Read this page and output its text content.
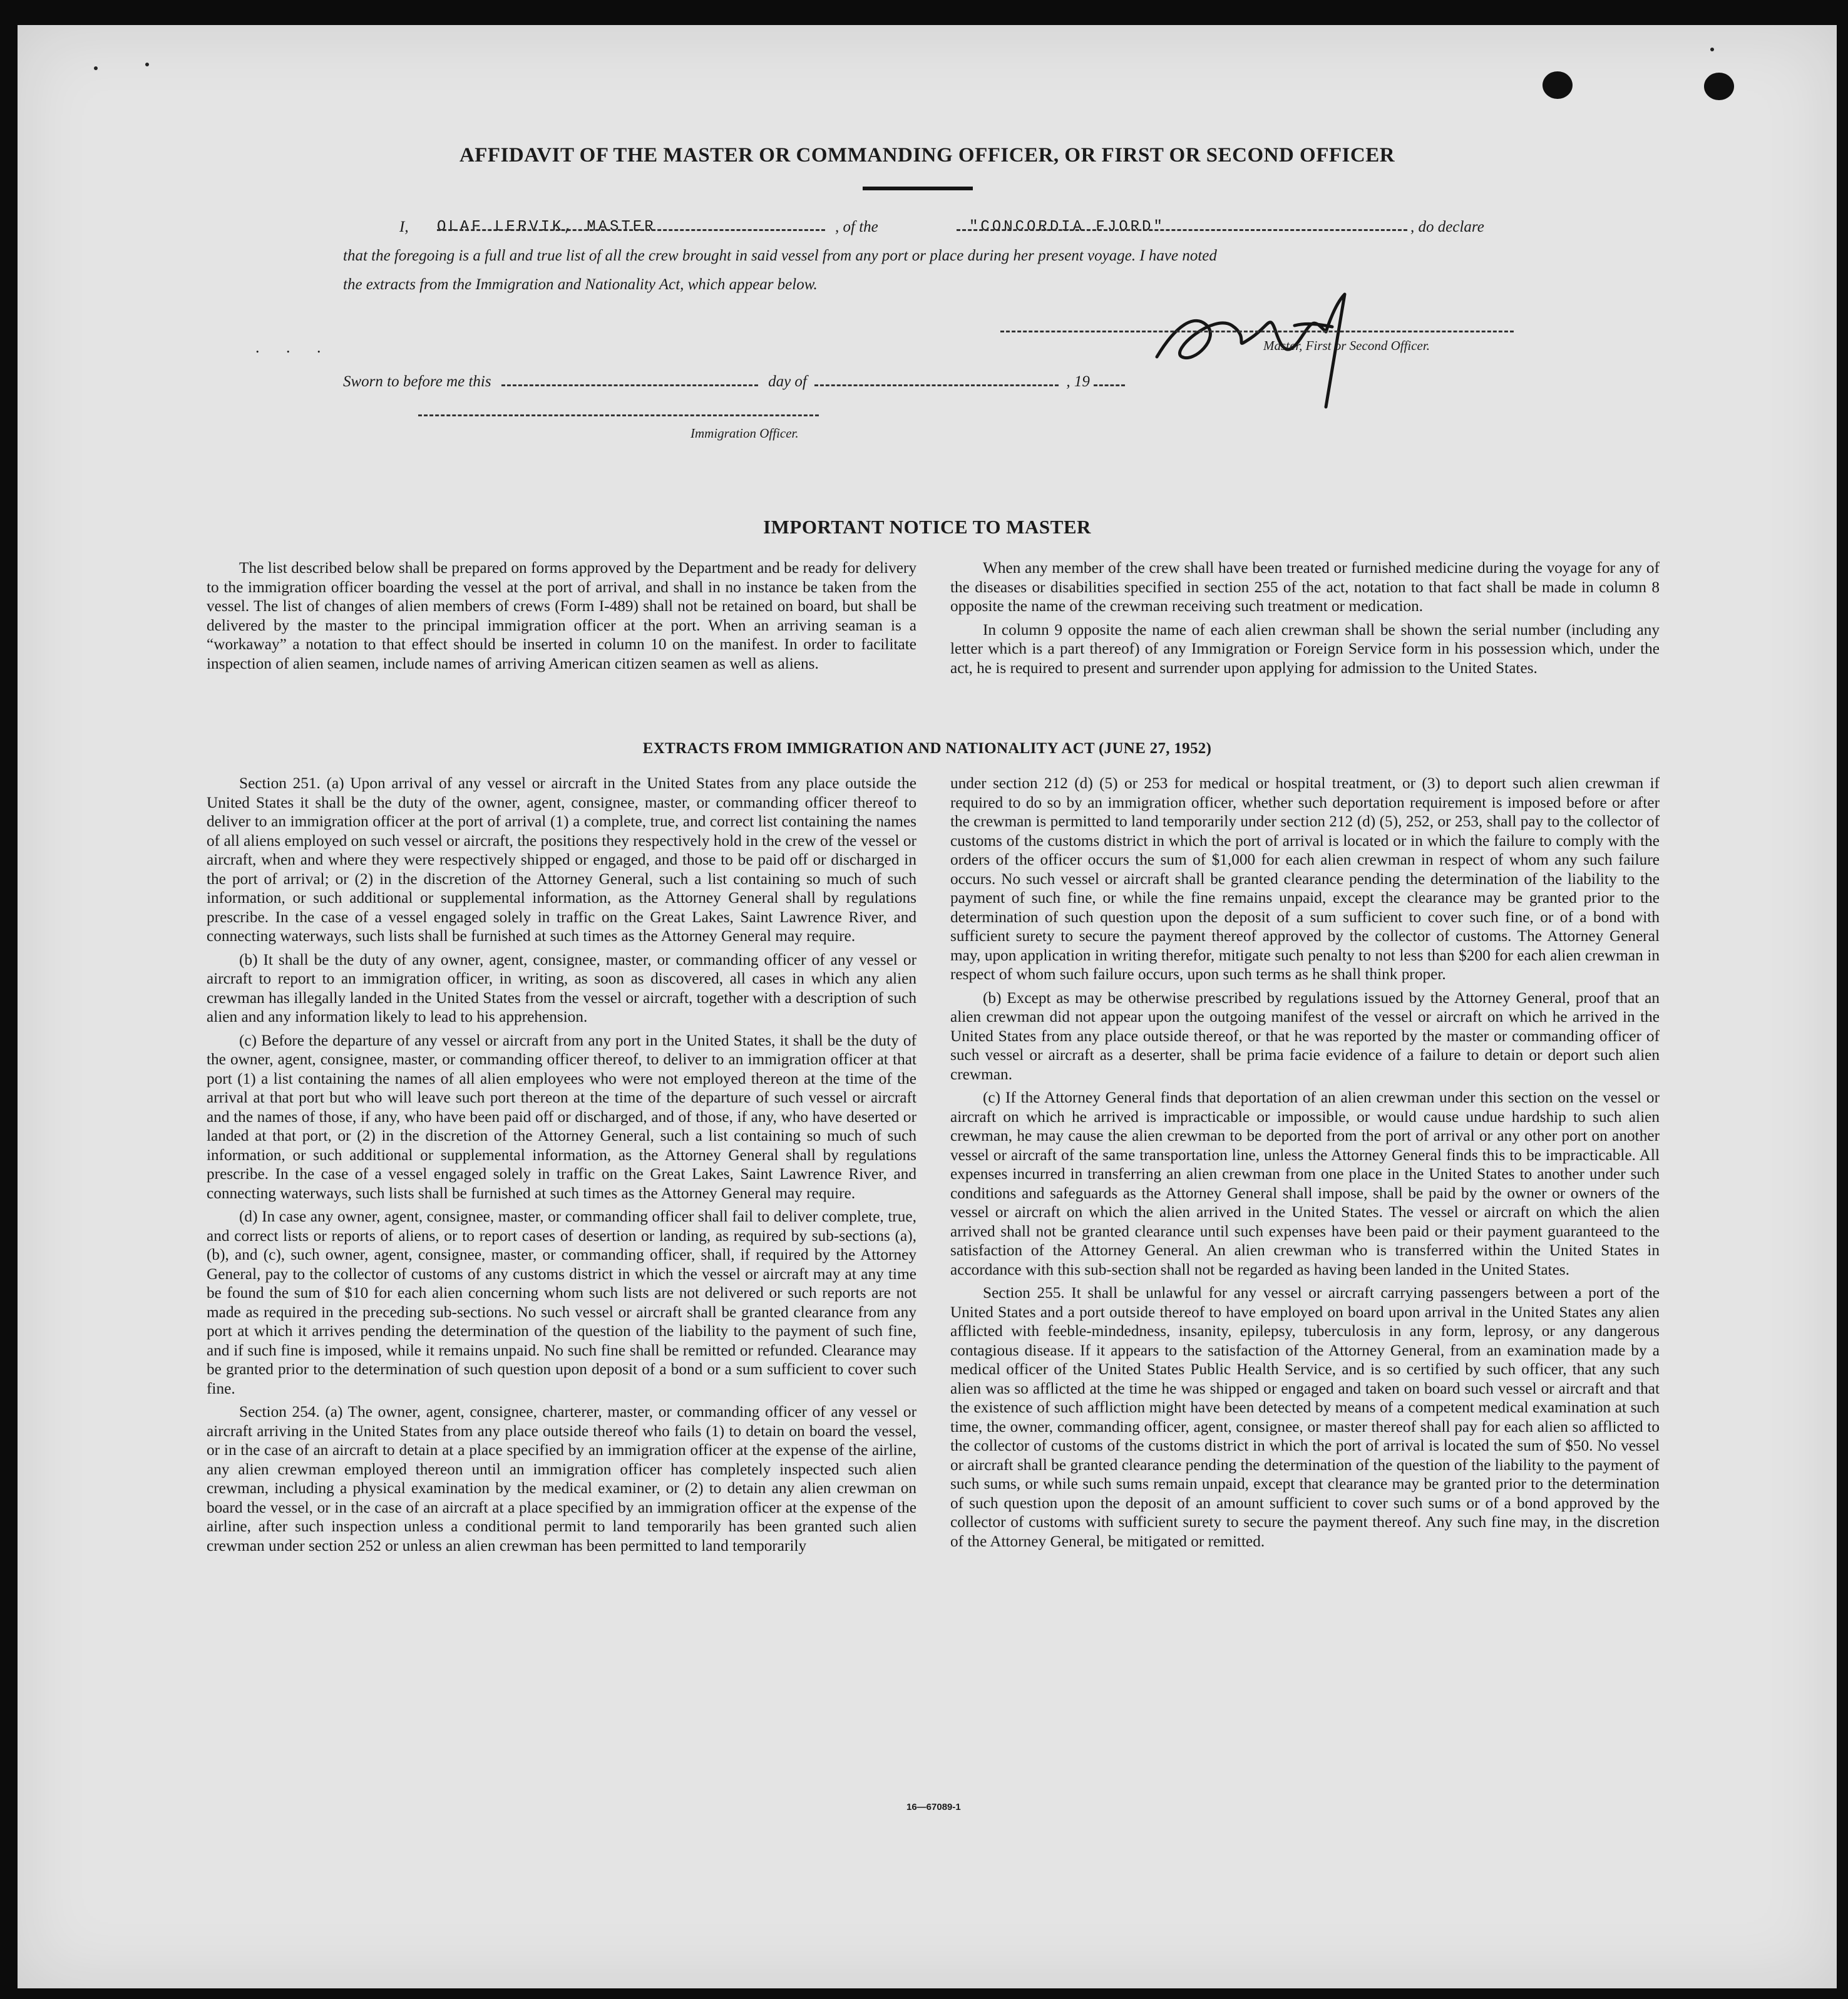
AFFIDAVIT OF THE MASTER OR COMMANDING OFFICER, OR FIRST OR SECOND OFFICER
I, OLAF LERVIK, MASTER	, of the	"CONCORDIA FJORD"	, do declare
that the foregoing is a full and true list of all the crew brought in said vessel from any port or place during her present voyage. I have noted
the extracts from the Immigration and Nationality Act, which appear below.
. . .	Master, First or Second Officer.
Sworn to before me this	day of	, 19
Immigration Officer.
IMPORTANT NOTICE TO MASTER

The list described below shall be prepared on forms approved by the Department and be ready for delivery to the immigration officer boarding the vessel at the port of arrival, and shall in no instance be taken from the vessel. The list of changes of alien members of crews (Form I-489) shall not be retained on board, but shall be delivered by the master to the principal immigration officer at the port. When an arriving seaman is a “workaway” a notation to that effect should be inserted in column 10 on the manifest. In order to facilitate inspection of alien seamen, include names of arriving American citizen seamen as well as aliens.

When any member of the crew shall have been treated or furnished medicine during the voyage for any of the diseases or disabilities specified in section 255 of the act, notation to that fact shall be made in column 8 opposite the name of the crewman receiving such treatment or medication.

In column 9 opposite the name of each alien crewman shall be shown the serial number (including any letter which is a part thereof) of any Immigration or Foreign Service form in his possession which, under the act, he is required to present and surrender upon applying for admission to the United States.

EXTRACTS FROM IMMIGRATION AND NATIONALITY ACT (JUNE 27, 1952)

Section 251. (a) Upon arrival of any vessel or aircraft in the United States from any place outside the United States it shall be the duty of the owner, agent, consignee, master, or commanding officer thereof to deliver to an immigration officer at the port of arrival (1) a complete, true, and correct list containing the names of all aliens employed on such vessel or aircraft, the positions they respectively hold in the crew of the vessel or aircraft, when and where they were respectively shipped or engaged, and those to be paid off or discharged in the port of arrival; or (2) in the discretion of the Attorney General, such a list containing so much of such information, or such additional or supplemental information, as the Attorney General shall by regulations prescribe. In the case of a vessel engaged solely in traffic on the Great Lakes, Saint Lawrence River, and connecting waterways, such lists shall be furnished at such times as the Attorney General may require.

(b) It shall be the duty of any owner, agent, consignee, master, or commanding officer of any vessel or aircraft to report to an immigration officer, in writing, as soon as discovered, all cases in which any alien crewman has illegally landed in the United States from the vessel or aircraft, together with a description of such alien and any information likely to lead to his apprehension.

(c) Before the departure of any vessel or aircraft from any port in the United States, it shall be the duty of the owner, agent, consignee, master, or commanding officer thereof, to deliver to an immigration officer at that port (1) a list containing the names of all alien employees who were not employed thereon at the time of the arrival at that port but who will leave such port thereon at the time of the departure of such vessel or aircraft and the names of those, if any, who have been paid off or discharged, and of those, if any, who have deserted or landed at that port, or (2) in the discretion of the Attorney General, such a list containing so much of such information, or such additional or supplemental information, as the Attorney General shall by regulations prescribe. In the case of a vessel engaged solely in traffic on the Great Lakes, Saint Lawrence River, and connecting waterways, such lists shall be furnished at such times as the Attorney General may require.

(d) In case any owner, agent, consignee, master, or commanding officer shall fail to deliver complete, true, and correct lists or reports of aliens, or to report cases of desertion or landing, as required by sub-sections (a), (b), and (c), such owner, agent, consignee, master, or commanding officer, shall, if required by the Attorney General, pay to the collector of customs of any customs district in which the vessel or aircraft may at any time be found the sum of $10 for each alien concerning whom such lists are not delivered or such reports are not made as required in the preceding sub-sections. No such vessel or aircraft shall be granted clearance from any port at which it arrives pending the determination of the question of the liability to the payment of such fine, and if such fine is imposed, while it remains unpaid. No such fine shall be remitted or refunded. Clearance may be granted prior to the determination of such question upon deposit of a bond or a sum sufficient to cover such fine.

Section 254. (a) The owner, agent, consignee, charterer, master, or commanding officer of any vessel or aircraft arriving in the United States from any place outside thereof who fails (1) to detain on board the vessel, or in the case of an aircraft to detain at a place specified by an immigration officer at the expense of the airline, any alien crewman employed thereon until an immigration officer has completely inspected such alien crewman, including a physical examination by the medical examiner, or (2) to detain any alien crewman on board the vessel, or in the case of an aircraft at a place specified by an immigration officer at the expense of the airline, after such inspection unless a conditional permit to land temporarily has been granted such alien crewman under section 252 or unless an alien crewman has been permitted to land temporarily

under section 212 (d) (5) or 253 for medical or hospital treatment, or (3) to deport such alien crewman if required to do so by an immigration officer, whether such deportation requirement is imposed before or after the crewman is permitted to land temporarily under section 212 (d) (5), 252, or 253, shall pay to the collector of customs of the customs district in which the port of arrival is located or in which the failure to comply with the orders of the officer occurs the sum of $1,000 for each alien crewman in respect of whom any such failure occurs. No such vessel or aircraft shall be granted clearance pending the determination of the liability to the payment of such fine, or while the fine remains unpaid, except the clearance may be granted prior to the determination of such question upon the deposit of a sum sufficient to cover such fine, or of a bond with sufficient surety to secure the payment thereof approved by the collector of customs. The Attorney General may, upon application in writing therefor, mitigate such penalty to not less than $200 for each alien crewman in respect of whom such failure occurs, upon such terms as he shall think proper.

(b) Except as may be otherwise prescribed by regulations issued by the Attorney General, proof that an alien crewman did not appear upon the outgoing manifest of the vessel or aircraft on which he arrived in the United States from any place outside thereof, or that he was reported by the master or commanding officer of such vessel or aircraft as a deserter, shall be prima facie evidence of a failure to detain or deport such alien crewman.

(c) If the Attorney General finds that deportation of an alien crewman under this section on the vessel or aircraft on which he arrived is impracticable or impossible, or would cause undue hardship to such alien crewman, he may cause the alien crewman to be deported from the port of arrival or any other port on another vessel or aircraft of the same transportation line, unless the Attorney General finds this to be impracticable. All expenses incurred in transferring an alien crewman from one place in the United States to another under such conditions and safeguards as the Attorney General shall impose, shall be paid by the owner or owners of the vessel or aircraft on which the alien arrived in the United States. The vessel or aircraft on which the alien arrived shall not be granted clearance until such expenses have been paid or their payment guaranteed to the satisfaction of the Attorney General. An alien crewman who is transferred within the United States in accordance with this sub-section shall not be regarded as having been landed in the United States.

Section 255. It shall be unlawful for any vessel or aircraft carrying passengers between a port of the United States and a port outside thereof to have employed on board upon arrival in the United States any alien afflicted with feeble-mindedness, insanity, epilepsy, tuberculosis in any form, leprosy, or any dangerous contagious disease. If it appears to the satisfaction of the Attorney General, from an examination made by a medical officer of the United States Public Health Service, and is so certified by such officer, that any such alien was so afflicted at the time he was shipped or engaged and taken on board such vessel or aircraft and that the existence of such affliction might have been detected by means of a competent medical examination at such time, the owner, commanding officer, agent, consignee, or master thereof shall pay for each alien so afflicted to the collector of customs of the customs district in which the port of arrival is located the sum of $50. No vessel or aircraft shall be granted clearance pending the determination of the question of the liability to the payment of such sums, or while such sums remain unpaid, except that clearance may be granted prior to the determination of such question upon the deposit of an amount sufficient to cover such sums or of a bond approved by the collector of customs with sufficient surety to secure the payment thereof. Any such fine may, in the discretion of the Attorney General, be mitigated or remitted.

16—67089-1
